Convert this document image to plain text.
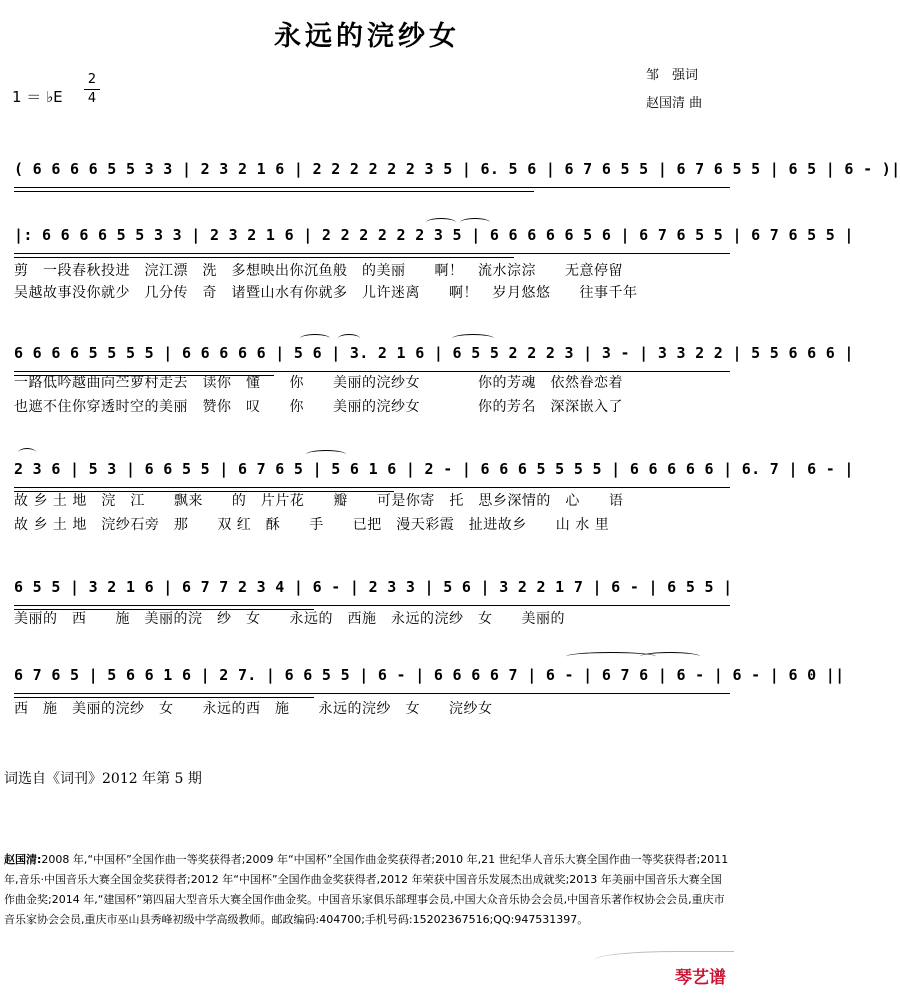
永远的浣纱女
邹　强词
赵国清 曲
1 ＝ ♭E
2
4
( 6 6 6 6 5 5 3 3 | 2 3 2 1 6 | 2 2 2 2 2 2 3 5 | 6. 5 6 | 6 7 6 5 5 | 6 7 6 5 5 | 6 5 | 6 - )|
|: 6 6 6 6 5 5 3 3 | 2 3 2 1 6 | 2 2 2 2 2 2 3 5 | 6 6 6 6 6 5 6 | 6 7 6 5 5 | 6 7 6 5 5 |
剪　一段春秋投进　浣江漂　洗　多想映出你沉鱼般　的美丽　　啊！　流水淙淙　　无意停留
吴越故事没你就少　几分传　奇　诸暨山水有你就多　儿许迷离　　啊！　岁月悠悠　　往事千年
6 6 6 6 5 5 5 5 | 6 6 6 6 6 | 5 6 | 3. 2 1 6 | 6 5 5 2 2 2 3 | 3 - | 3 3 2 2 | 5 5 6 6 6 |
一路低吟越曲向苎萝村走去　读你　懂　　你　　美丽的浣纱女　　　　你的芳魂　依然眷恋着
也遮不住你穿透时空的美丽　赞你　叹　　你　　美丽的浣纱女　　　　你的芳名　深深嵌入了
2 3 6 | 5 3 | 6 6 5 5 | 6 7 6 5 | 5 6 1 6 | 2 - | 6 6 6 5 5 5 5 | 6 6 6 6 6 | 6. 7 | 6 - |
故 乡 土 地　浣　江　　飘来　　的　片片花　　瓣　　可是你寄　托　思乡深情的　心　　语
故 乡 土 地　浣纱石旁　那　　双 红　酥　　手　　已把　漫天彩霞　扯进故乡　　山 水 里
6 5 5 | 3 2 1 6 | 6 7 7 2 3 4 | 6 - | 2 3 3 | 5 6 | 3 2 2 1 7 | 6 - | 6 5 5 |
美丽的　西　　施　美丽的浣　纱　女　　永远的　西施　永远的浣纱　女　　美丽的
6 7 6 5 | 5 6 6 1 6 | 2 7. | 6 6 5 5 | 6 - | 6 6 6 6 7 | 6 - | 6 7 6 | 6 - | 6 - | 6 0 ||
西　施　美丽的浣纱　女　　永远的西　施　　永远的浣纱　女　　浣纱女
词选自《词刊》2012 年第 5 期
赵国清:2008 年,“中国杯”全国作曲一等奖获得者;2009 年“中国杯”全国作曲金奖获得者;2010 年,21 世纪华人音乐大赛全国作曲一等奖获得者;2011 年,音乐·中国音乐大赛全国金奖获得者;2012 年“中国杯”全国作曲金奖获得者,2012 年荣获中国音乐发展杰出成就奖;2013 年美丽中国音乐大赛全国作曲金奖;2014 年,“建国杯”第四届大型音乐大赛全国作曲金奖。中国音乐家俱乐部理事会员,中国大众音乐协会会员,中国音乐著作权协会会员,重庆市音乐家协会会员,重庆市巫山县秀峰初级中学高级教师。邮政编码:404700;手机号码:15202367516;QQ:947531397。
琴艺谱
